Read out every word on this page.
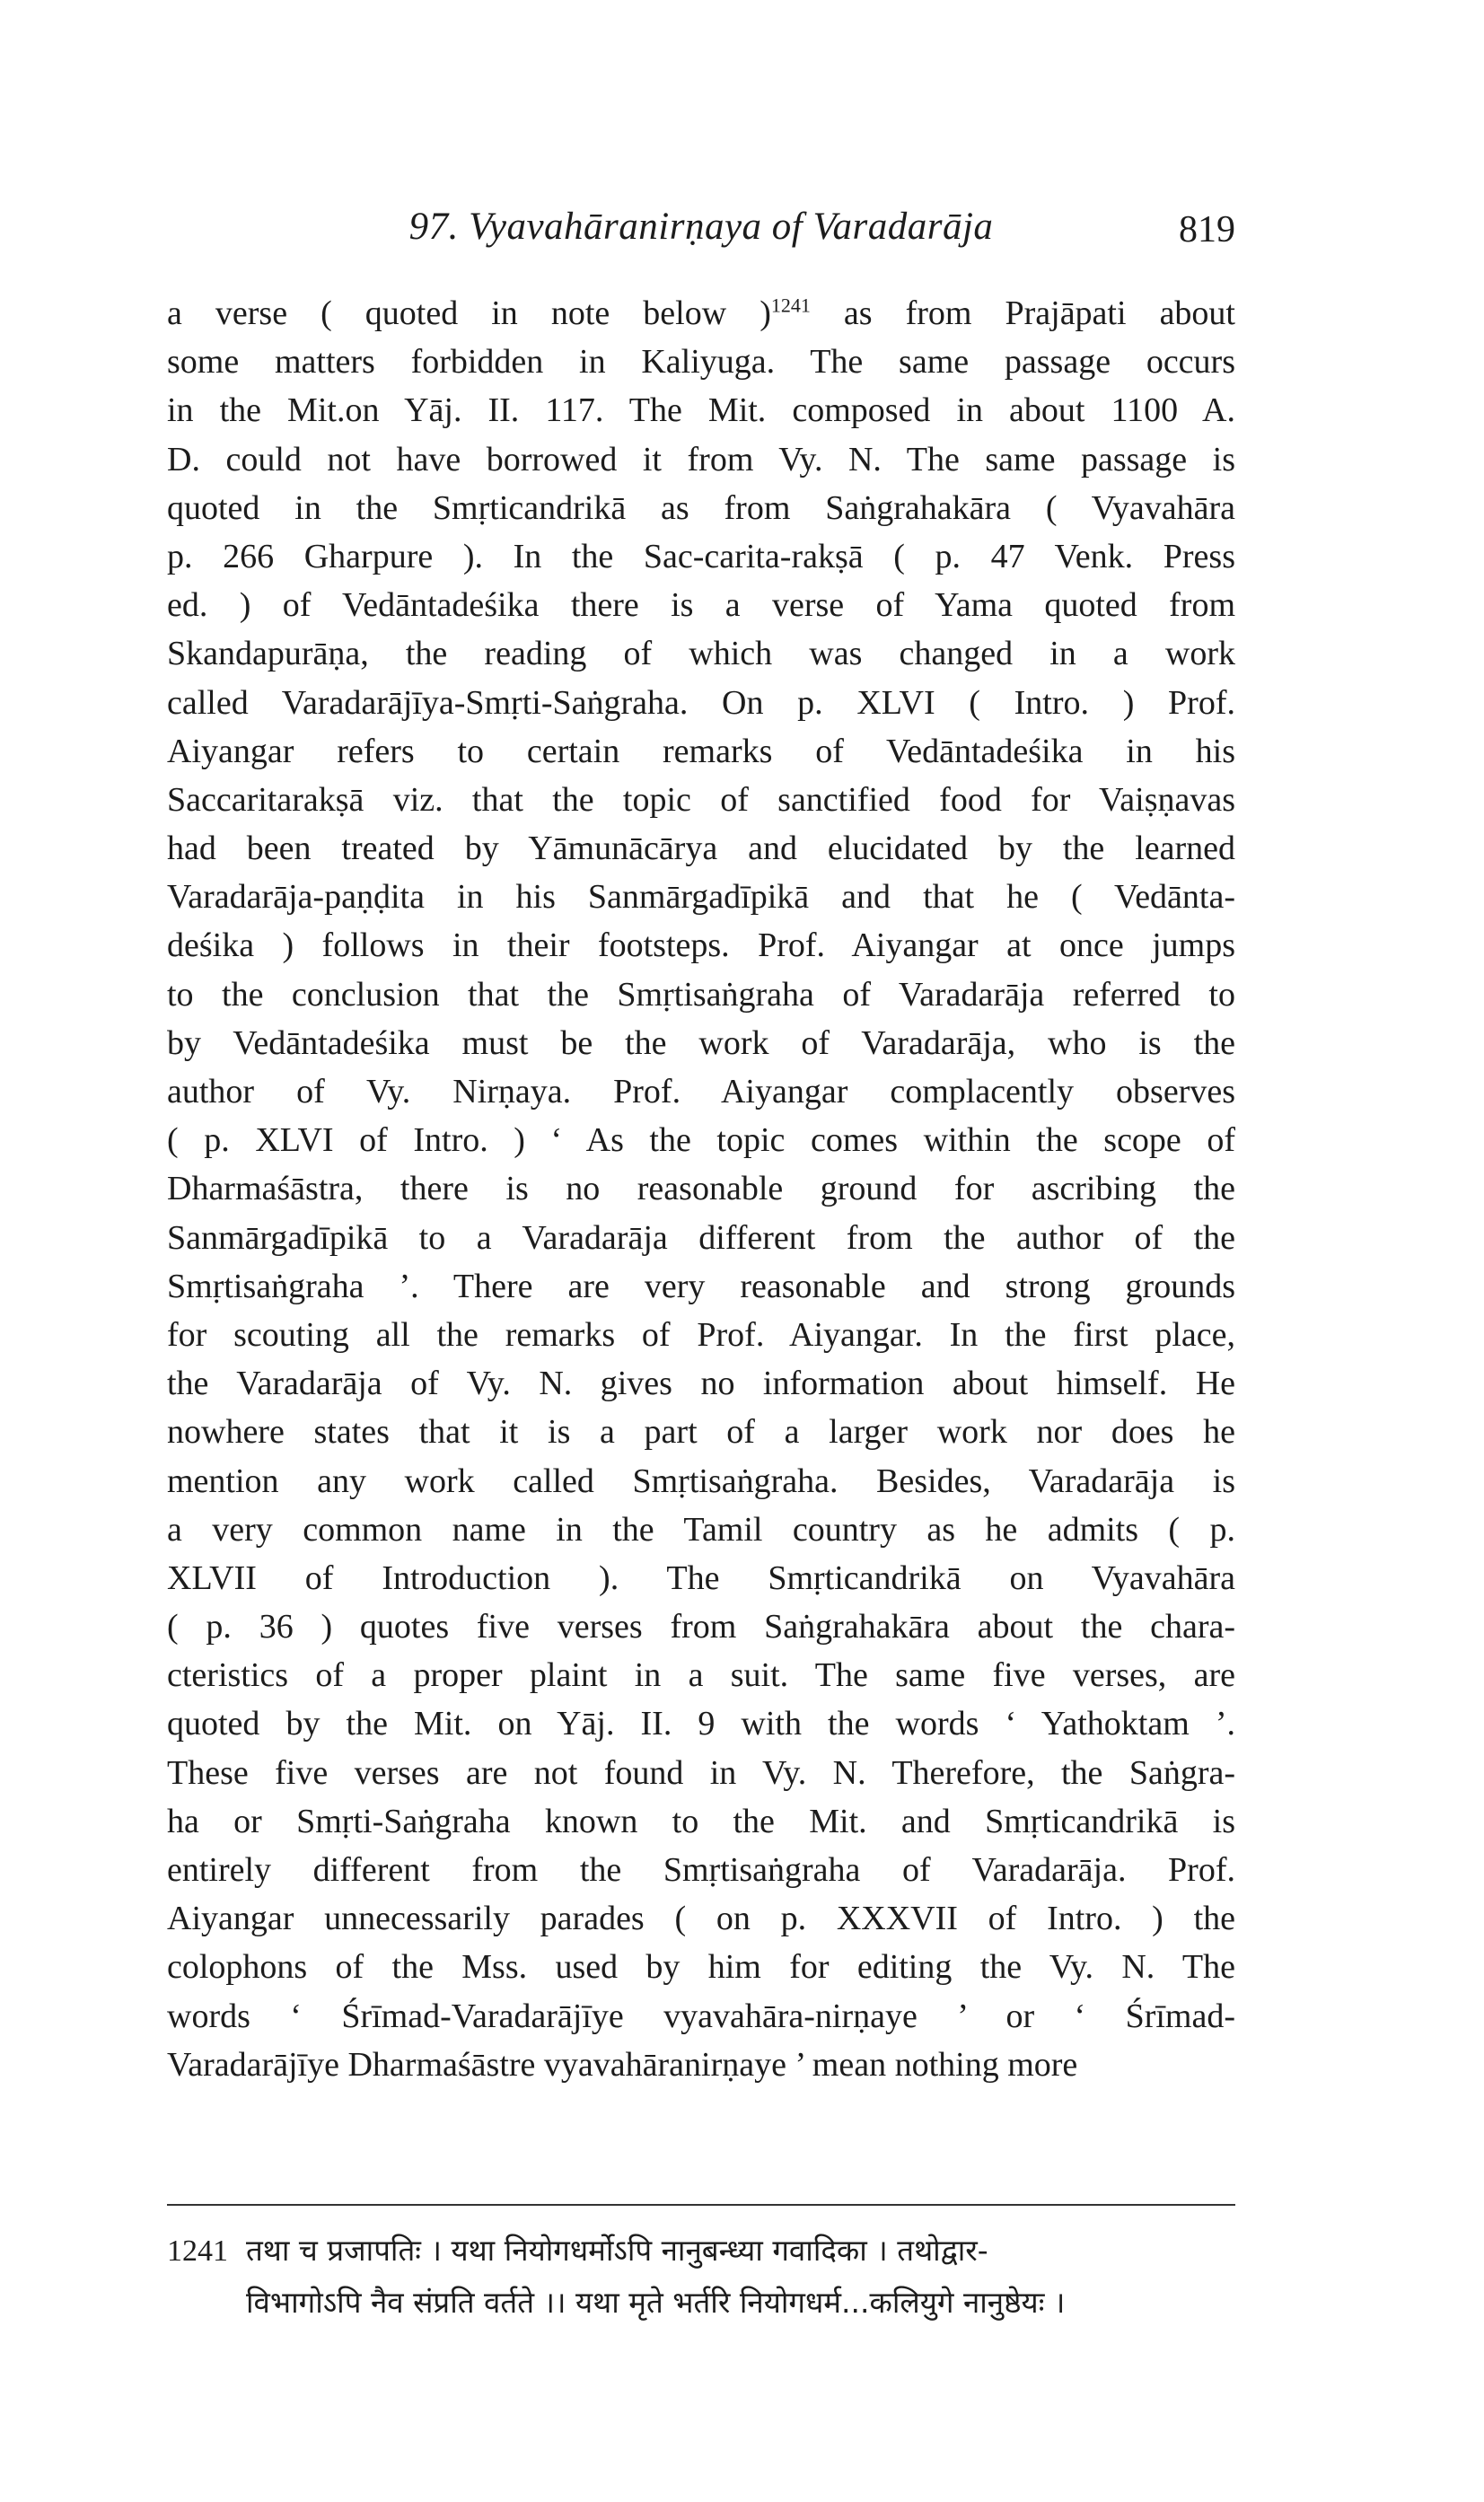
97. Vyavahāranirṇaya of Varadarāja	819
a verse ( quoted in note below )$^{1241}$ as from Prajāpati about
some matters forbidden in Kaliyuga. The same passage occurs
in the Mit.on Yāj. II. 117. The Mit. composed in about 1100 A.
D. could not have borrowed it from Vy. N. The same passage is
quoted in the Smṛticandrikā as from Saṅgrahakāra ( Vyavahāra
p. 266 Gharpure ). In the Sac-carita-rakṣā ( p. 47 Venk. Press
ed. ) of Vedāntadeśika there is a verse of Yama quoted from
Skandapurāṇa, the reading of which was changed in a work
called Varadarājīya-Smṛti-Saṅgraha. On p. XLVI ( Intro. ) Prof.
Aiyangar refers to certain remarks of Vedāntadeśika in his
Saccaritarakṣā viz. that the topic of sanctified food for Vaiṣṇavas
had been treated by Yāmunācārya and elucidated by the learned
Varadarāja-paṇḍita in his Sanmārgadīpikā and that he ( Vedānta-
deśika ) follows in their footsteps. Prof. Aiyangar at once jumps
to the conclusion that the Smṛtisaṅgraha of Varadarāja referred to
by Vedāntadeśika must be the work of Varadarāja, who is the
author of Vy. Nirṇaya. Prof. Aiyangar complacently observes
( p. XLVI of Intro. ) ‘ As the topic comes within the scope of
Dharmaśāstra, there is no reasonable ground for ascribing the
Sanmārgadīpikā to a Varadarāja different from the author of the
Smṛtisaṅgraha ’. There are very reasonable and strong grounds
for scouting all the remarks of Prof. Aiyangar. In the first place,
the Varadarāja of Vy. N. gives no information about himself. He
nowhere states that it is a part of a larger work nor does he
mention any work called Smṛtisaṅgraha. Besides, Varadarāja is
a very common name in the Tamil country as he admits ( p.
XLVII of Introduction ). The Smṛticandrikā on Vyavahāra
( p. 36 ) quotes five verses from Saṅgrahakāra about the chara-
cteristics of a proper plaint in a suit. The same five verses, are
quoted by the Mit. on Yāj. II. 9 with the words ‘ Yathoktam ’.
These five verses are not found in Vy. N. Therefore, the Saṅgra-
ha or Smṛti-Saṅgraha known to the Mit. and Smṛticandrikā is
entirely different from the Smṛtisaṅgraha of Varadarāja. Prof.
Aiyangar unnecessarily parades ( on p. XXXVII of Intro. ) the
colophons of the Mss. used by him for editing the Vy. N. The
words ‘ Śrīmad-Varadarājīye vyavahāra-nirṇaye ’ or ‘ Śrīmad-
Varadarājīye Dharmaśāstre vyavahāranirṇaye ’ mean nothing more
1241 तथा च प्रजापतिः । यथा नियोगधर्मोऽपि नानुबन्ध्या गवादिका । तथोद्वार-
विभागोऽपि नैव संप्रति वर्तते ।। यथा मृते भर्तरि नियोगधर्म...कलियुगे नानुष्ठेयः ।
